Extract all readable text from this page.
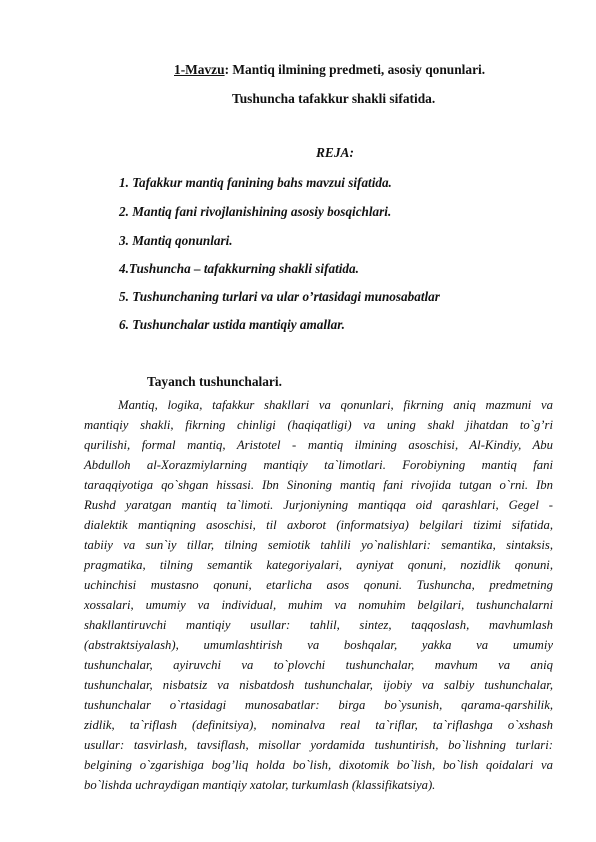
1-Mavzu: Mantiq ilmining predmeti, asosiy qonunlari.
Tushuncha tafakkur shakli sifatida.
REJA:
1. Tafakkur mantiq fanining bahs mavzui sifatida.
2. Mantiq fani rivojlanishining asosiy bosqichlari.
3. Mantiq qonunlari.
4.Tushuncha – tafakkurning shakli sifatida.
5. Tushunchaning turlari va ular o’rtasidagi munosabatlar
6. Tushunchalar ustida mantiqiy amallar.
Tayanch tushunchalari.
Mantiq, logika, tafakkur shakllari va qonunlari, fikrning aniq mazmuni va
mantiqiy shakli, fikrning chinligi (haqiqatligi) va uning shakl jihatdan to`g’ri
qurilishi, formal mantiq, Aristotel - mantiq ilmining asoschisi, Al-Kindiy, Abu
Abdulloh al-Xorazmiylarning mantiqiy ta`limotlari. Forobiyning mantiq fani
taraqqiyotiga qo`shgan hissasi. Ibn Sinoning mantiq fani rivojida tutgan o`rni. Ibn
Rushd yaratgan mantiq ta`limoti. Jurjoniyning mantiqqa oid qarashlari, Gegel -
dialektik mantiqning asoschisi, til axborot (informatsiya) belgilari tizimi sifatida,
tabiiy va sun`iy tillar, tilning semiotik tahlili yo`nalishlari: semantika, sintaksis,
pragmatika, tilning semantik kategoriyalari, ayniyat qonuni, nozidlik qonuni,
uchinchisi mustasno qonuni, etarlicha asos qonuni. Tushuncha, predmetning
xossalari, umumiy va individual, muhim va nomuhim belgilari, tushunchalarni
shakllantiruvchi mantiqiy usullar: tahlil, sintez, taqqoslash, mavhumlash
(abstraktsiyalash), umumlashtirish va boshqalar, yakka va umumiy
tushunchalar, ayiruvchi va to`plovchi tushunchalar, mavhum va aniq
tushunchalar, nisbatsiz va nisbatdosh tushunchalar, ijobiy va salbiy tushunchalar,
tushunchalar o`rtasidagi munosabatlar: birga bo`ysunish, qarama-qarshilik,
zidlik, ta`riflash (definitsiya), nominalva real ta`riflar, ta`riflashga o`xshash
usullar: tasvirlash, tavsiflash, misollar yordamida tushuntirish, bo`lishning turlari:
belgining o`zgarishiga bog’liq holda bo`lish, dixotomik bo`lish, bo`lish qoidalari va
bo`lishda uchraydigan mantiqiy xatolar, turkumlash (klassifikatsiya).
